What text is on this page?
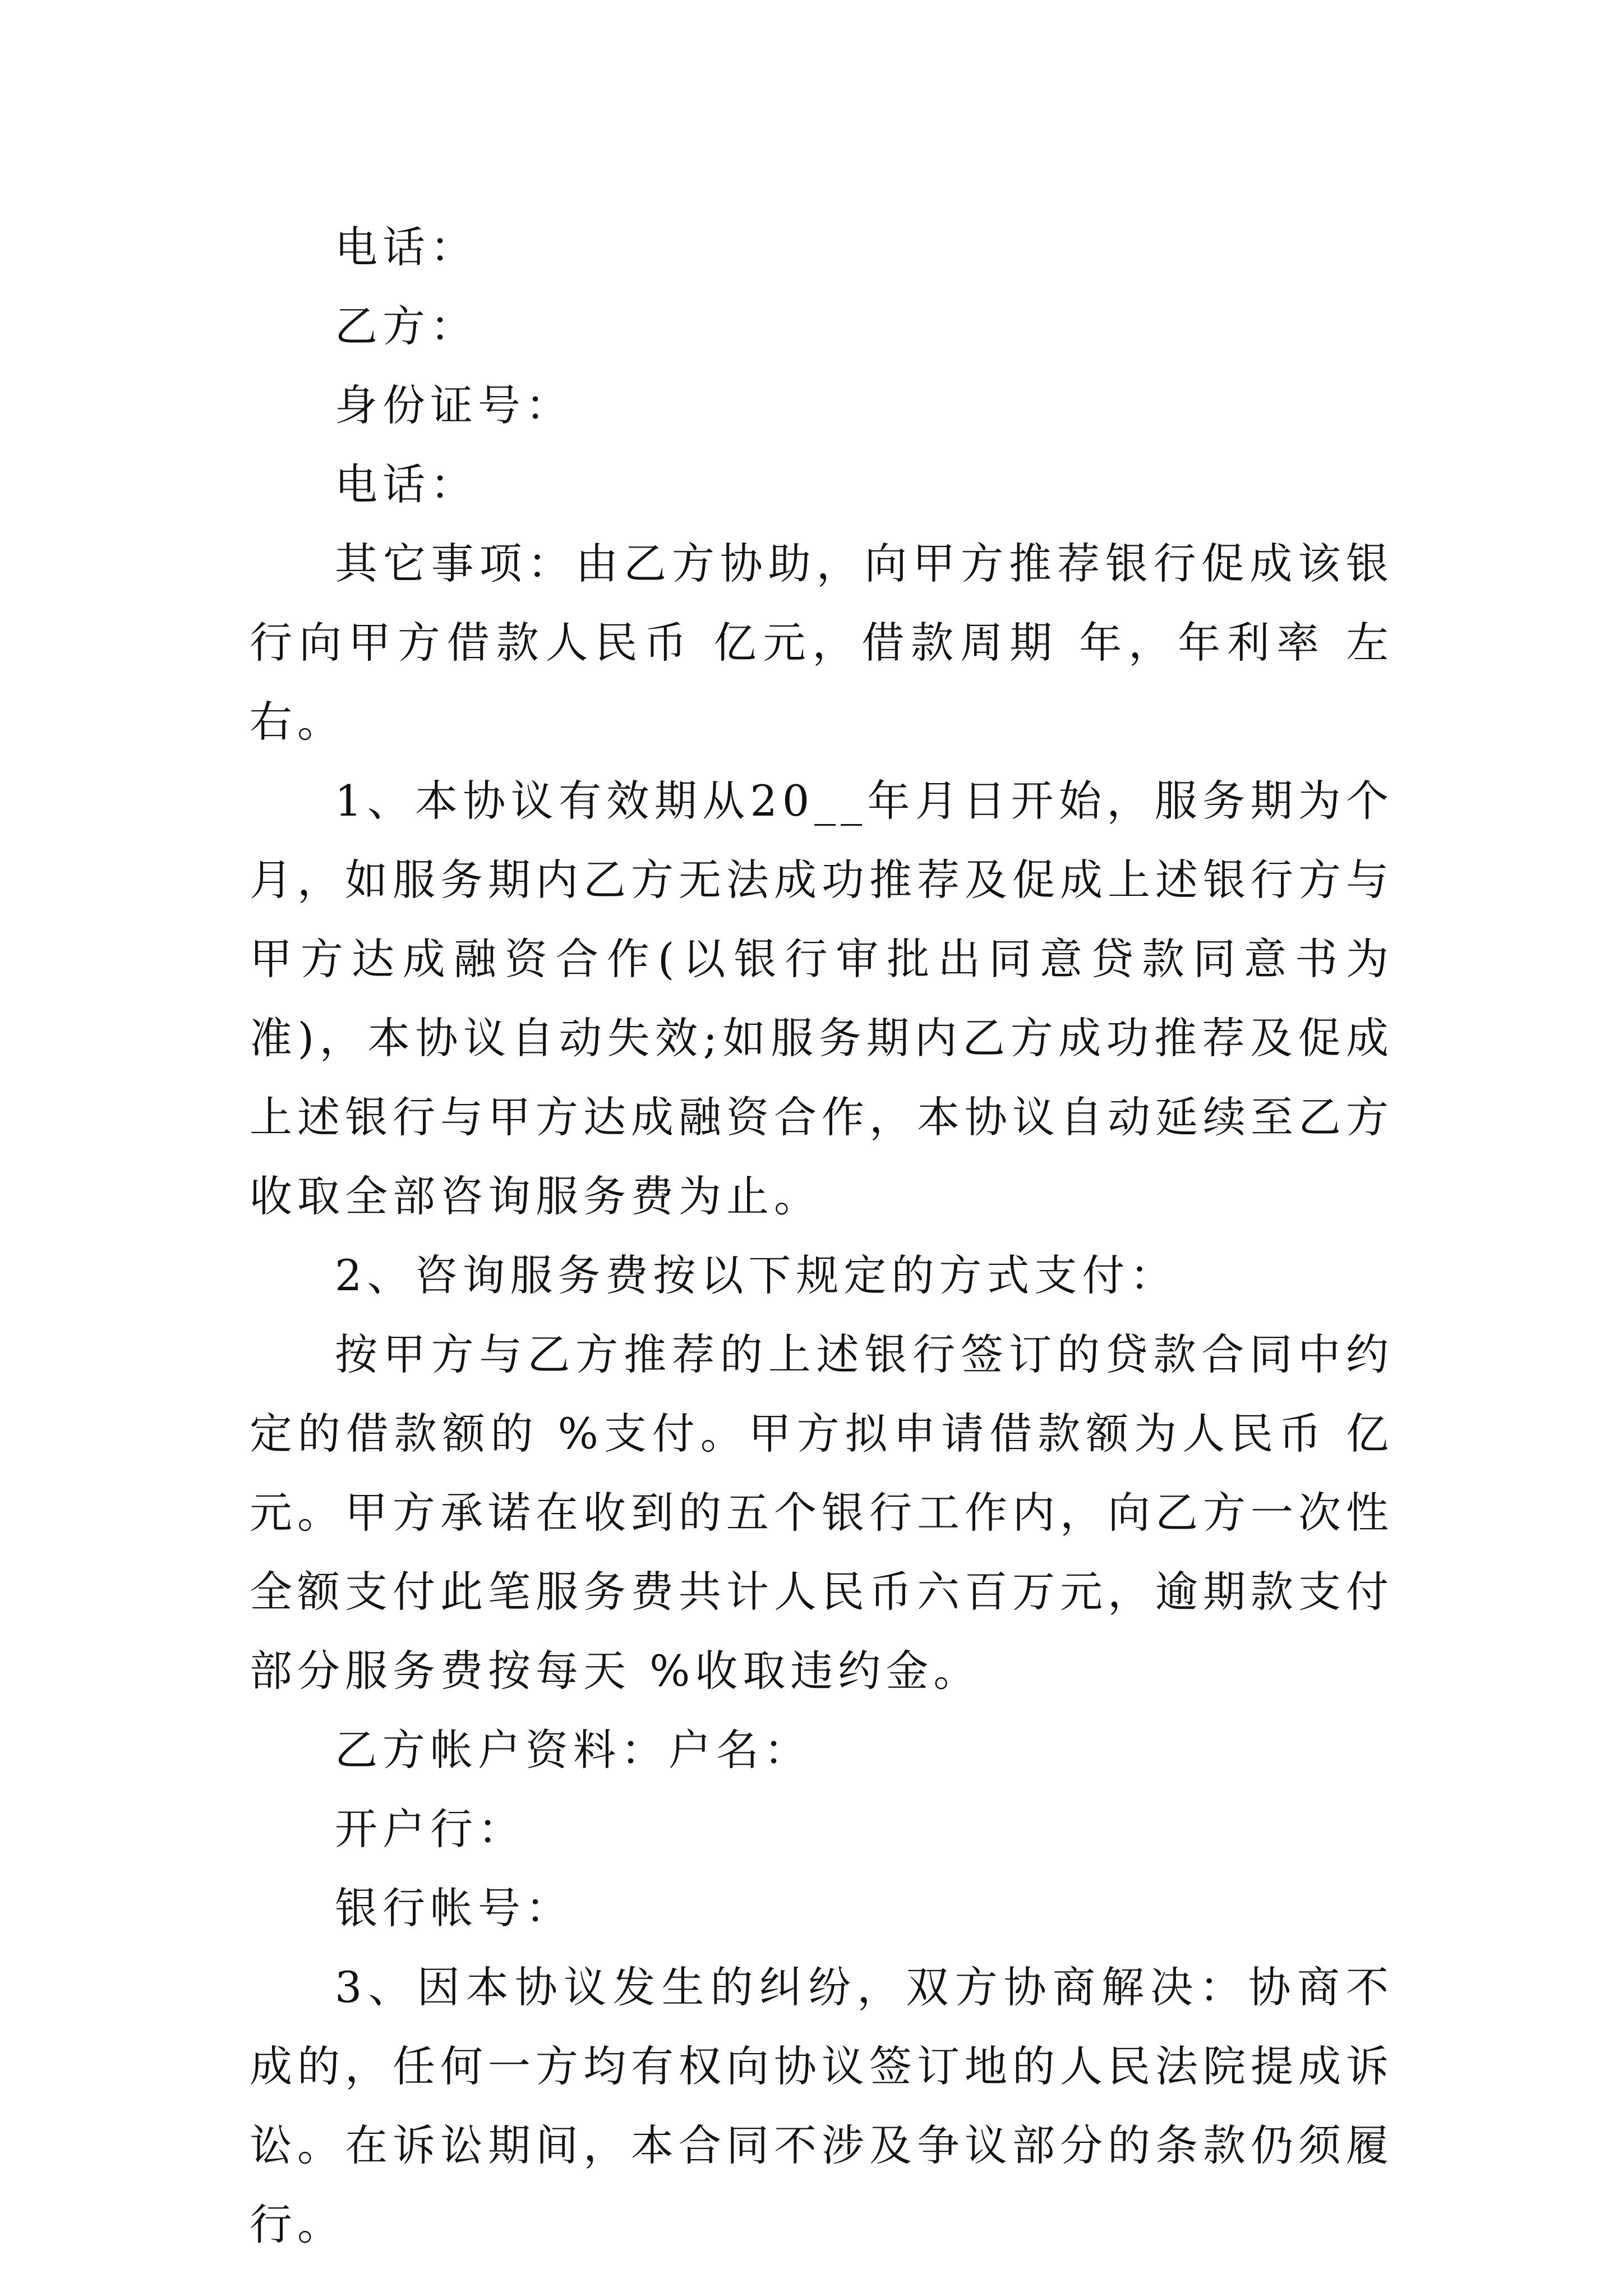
电话：

乙方：

身份证号：

电话：

其它事项：由乙方协助，向甲方推荐银行促成该银行向甲方借款人民币 亿元，借款周期 年，年利率 左右。

1、本协议有效期从20__年月日开始，服务期为个月，如服务期内乙方无法成功推荐及促成上述银行方与甲方达成融资合作(以银行审批出同意贷款同意书为准)，本协议自动失效;如服务期内乙方成功推荐及促成上述银行与甲方达成融资合作，本协议自动延续至乙方收取全部咨询服务费为止。

2、咨询服务费按以下规定的方式支付：

按甲方与乙方推荐的上述银行签订的贷款合同中约定的借款额的 %支付。甲方拟申请借款额为人民币 亿元。甲方承诺在收到的五个银行工作内，向乙方一次性全额支付此笔服务费共计人民币六百万元，逾期款支付部分服务费按每天 %收取违约金。

乙方帐户资料：户名：

开户行：

银行帐号：

3、因本协议发生的纠纷，双方协商解决：协商不成的，任何一方均有权向协议签订地的人民法院提成诉讼。在诉讼期间，本合同不涉及争议部分的条款仍须履行。
